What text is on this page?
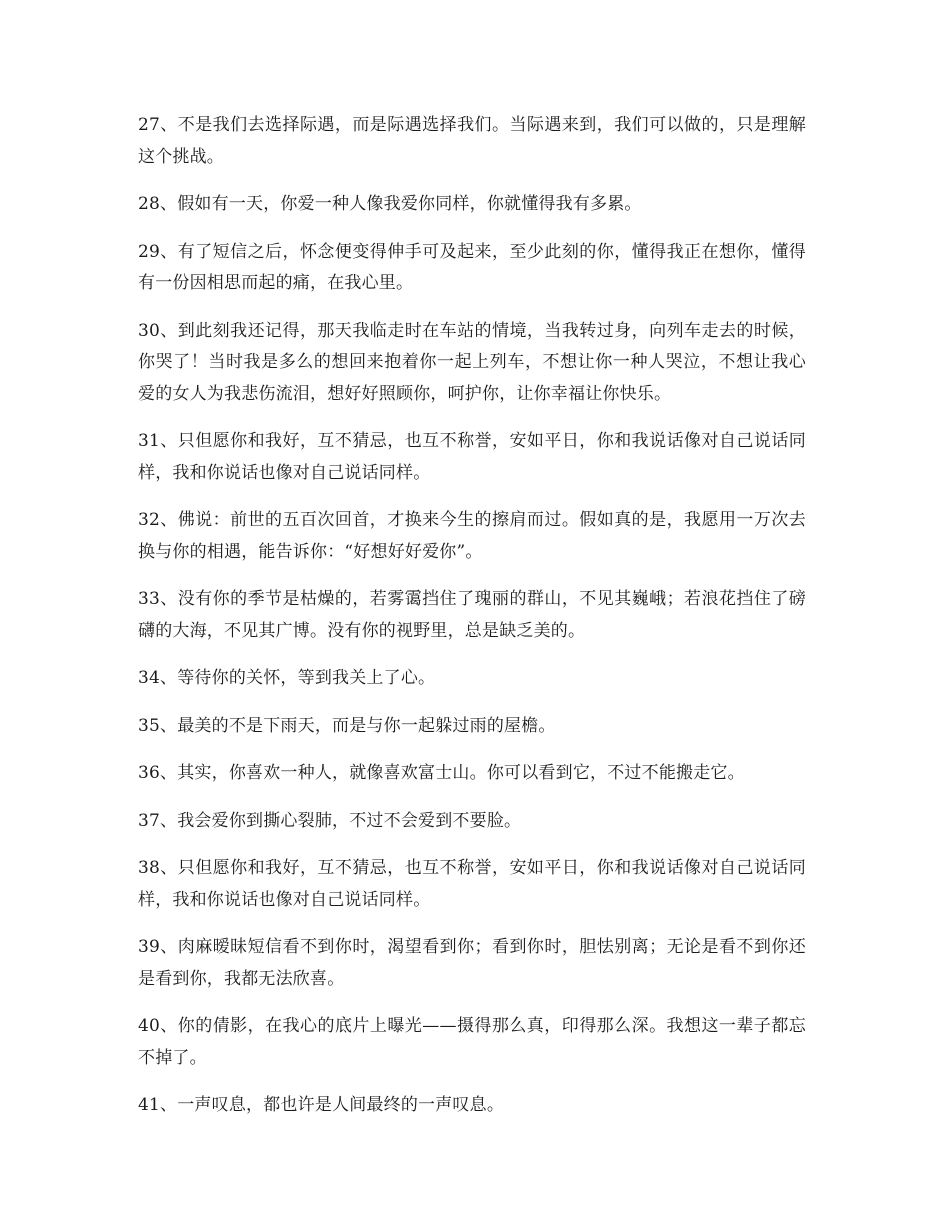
27、不是我们去选择际遇，而是际遇选择我们。当际遇来到，我们可以做的，只是理解这个挑战。

28、假如有一天，你爱一种人像我爱你同样，你就懂得我有多累。

29、有了短信之后，怀念便变得伸手可及起来，至少此刻的你，懂得我正在想你，懂得有一份因相思而起的痛，在我心里。

30、到此刻我还记得，那天我临走时在车站的情境，当我转过身，向列车走去的时候，你哭了！当时我是多么的想回来抱着你一起上列车，不想让你一种人哭泣，不想让我心爱的女人为我悲伤流泪，想好好照顾你，呵护你，让你幸福让你快乐。

31、只但愿你和我好，互不猜忌，也互不称誉，安如平日，你和我说话像对自己说话同样，我和你说话也像对自己说话同样。

32、佛说：前世的五百次回首，才换来今生的擦肩而过。假如真的是，我愿用一万次去换与你的相遇，能告诉你：“好想好好爱你”。

33、没有你的季节是枯燥的，若雾霭挡住了瑰丽的群山，不见其巍峨；若浪花挡住了磅礴的大海，不见其广博。没有你的视野里，总是缺乏美的。

34、等待你的关怀，等到我关上了心。

35、最美的不是下雨天，而是与你一起躲过雨的屋檐。

36、其实，你喜欢一种人，就像喜欢富士山。你可以看到它，不过不能搬走它。

37、我会爱你到撕心裂肺，不过不会爱到不要脸。

38、只但愿你和我好，互不猜忌，也互不称誉，安如平日，你和我说话像对自己说话同样，我和你说话也像对自己说话同样。

39、肉麻暧昧短信看不到你时，渴望看到你；看到你时，胆怯别离；无论是看不到你还是看到你，我都无法欣喜。

40、你的倩影，在我心的底片上曝光——摄得那么真，印得那么深。我想这一辈子都忘不掉了。

41、一声叹息，都也许是人间最终的一声叹息。
